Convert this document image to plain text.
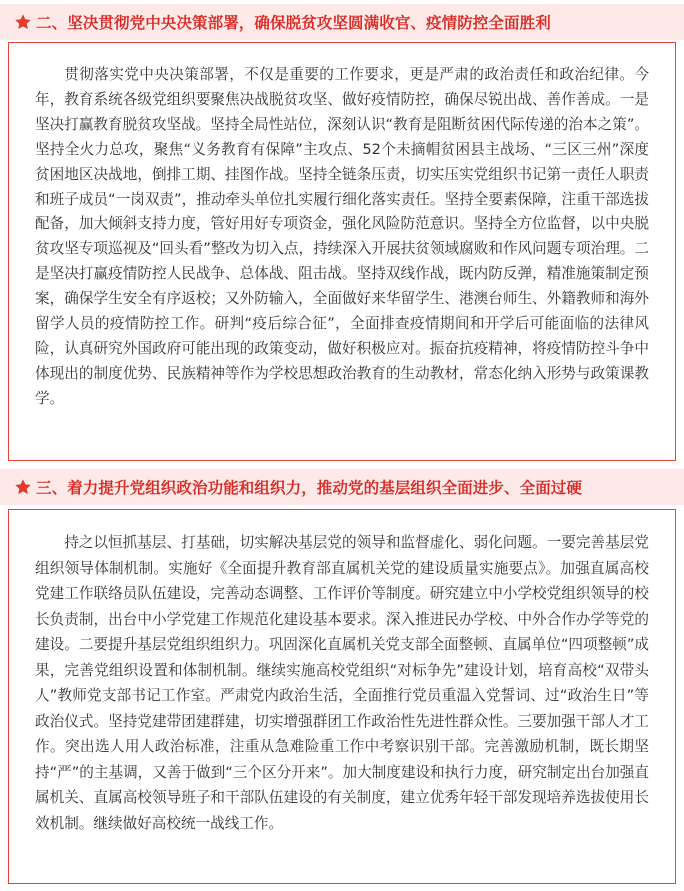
二、坚决贯彻党中央决策部署，确保脱贫攻坚圆满收官、疫情防控全面胜利

贯彻落实党中央决策部署，不仅是重要的工作要求，更是严肃的政治责任和政治纪律。今年，教育系统各级党组织要聚焦决战脱贫攻坚、做好疫情防控，确保尽锐出战、善作善成。一是坚决打赢教育脱贫攻坚战。坚持全局性站位，深刻认识“教育是阻断贫困代际传递的治本之策”。坚持全火力总攻，聚焦“义务教育有保障”主攻点、52个未摘帽贫困县主战场、“三区三州”深度贫困地区决战地，倒排工期、挂图作战。坚持全链条压责，切实压实党组织书记第一责任人职责和班子成员“一岗双责”，推动牵头单位扎实履行细化落实责任。坚持全要素保障，注重干部选拔配备，加大倾斜支持力度，管好用好专项资金，强化风险防范意识。坚持全方位监督，以中央脱贫攻坚专项巡视及“回头看”整改为切入点，持续深入开展扶贫领域腐败和作风问题专项治理。二是坚决打赢疫情防控人民战争、总体战、阻击战。坚持双线作战，既内防反弹，精准施策制定预案，确保学生安全有序返校；又外防输入，全面做好来华留学生、港澳台师生、外籍教师和海外留学人员的疫情防控工作。研判“疫后综合征”，全面排查疫情期间和开学后可能面临的法律风险，认真研究外国政府可能出现的政策变动，做好积极应对。振奋抗疫精神，将疫情防控斗争中体现出的制度优势、民族精神等作为学校思想政治教育的生动教材，常态化纳入形势与政策课教学。

三、着力提升党组织政治功能和组织力，推动党的基层组织全面进步、全面过硬

持之以恒抓基层、打基础，切实解决基层党的领导和监督虚化、弱化问题。一要完善基层党组织领导体制机制。实施好《全面提升教育部直属机关党的建设质量实施要点》。加强直属高校党建工作联络员队伍建设，完善动态调整、工作评价等制度。研究建立中小学校党组织领导的校长负责制，出台中小学党建工作规范化建设基本要求。深入推进民办学校、中外合作办学等党的建设。二要提升基层党组织组织力。巩固深化直属机关党支部全面整顿、直属单位“四项整顿”成果，完善党组织设置和体制机制。继续实施高校党组织“对标争先”建设计划，培育高校“双带头人”教师党支部书记工作室。严肃党内政治生活，全面推行党员重温入党誓词、过“政治生日”等政治仪式。坚持党建带团建群建，切实增强群团工作政治性先进性群众性。三要加强干部人才工作。突出选人用人政治标准，注重从急难险重工作中考察识别干部。完善激励机制，既长期坚持“严”的主基调，又善于做到“三个区分开来”。加大制度建设和执行力度，研究制定出台加强直属机关、直属高校领导班子和干部队伍建设的有关制度，建立优秀年轻干部发现培养选拔使用长效机制。继续做好高校统一战线工作。
